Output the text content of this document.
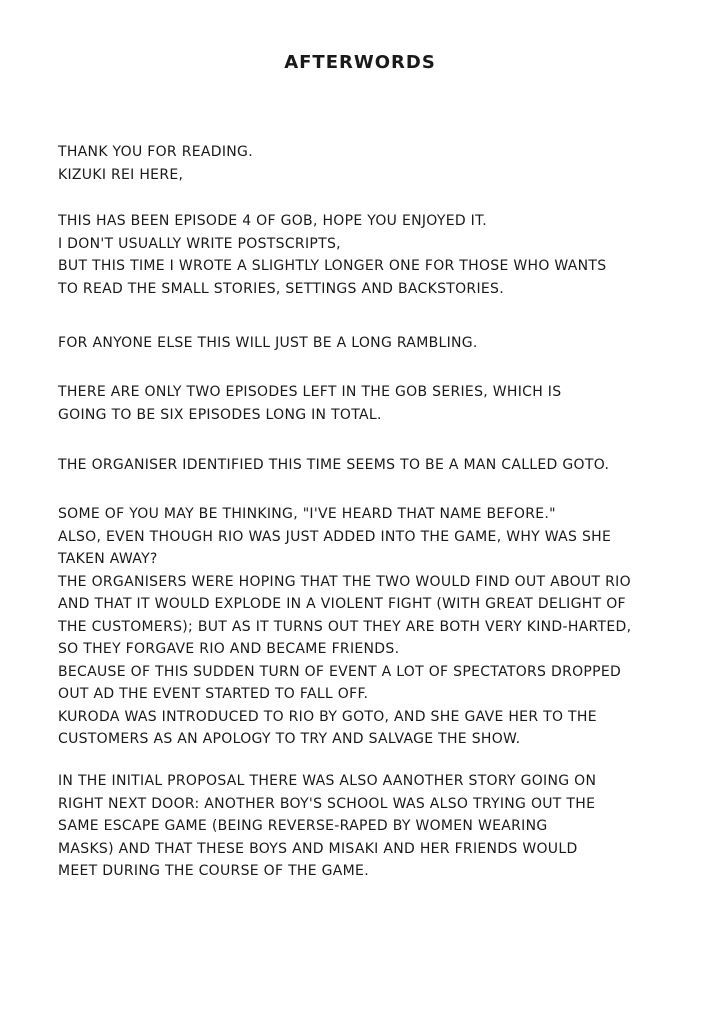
AFTERWORDS
THANK YOU FOR READING.
KIZUKI REI HERE,
THIS HAS BEEN EPISODE 4 OF GOB, HOPE YOU ENJOYED IT.
I DON'T USUALLY WRITE POSTSCRIPTS,
BUT THIS TIME I WROTE A SLIGHTLY LONGER ONE FOR THOSE WHO WANTS
TO READ THE SMALL STORIES, SETTINGS AND BACKSTORIES.
FOR ANYONE ELSE THIS WILL JUST BE A LONG RAMBLING.
THERE ARE ONLY TWO EPISODES LEFT IN THE GOB SERIES, WHICH IS
GOING TO BE SIX EPISODES LONG IN TOTAL.
THE ORGANISER IDENTIFIED THIS TIME SEEMS TO BE A MAN CALLED GOTO.
SOME OF YOU MAY BE THINKING, "I'VE HEARD THAT NAME BEFORE."
ALSO, EVEN THOUGH RIO WAS JUST ADDED INTO THE GAME, WHY WAS SHE
TAKEN AWAY?
THE ORGANISERS WERE HOPING THAT THE TWO WOULD FIND OUT ABOUT RIO
AND THAT IT WOULD EXPLODE IN A VIOLENT FIGHT (WITH GREAT DELIGHT OF
THE CUSTOMERS); BUT AS IT TURNS OUT THEY ARE BOTH VERY KIND-HARTED,
SO THEY FORGAVE RIO AND BECAME FRIENDS.
BECAUSE OF THIS SUDDEN TURN OF EVENT A LOT OF SPECTATORS DROPPED
OUT AD THE EVENT STARTED TO FALL OFF.
KURODA WAS INTRODUCED TO RIO BY GOTO, AND SHE GAVE HER TO THE
CUSTOMERS AS AN APOLOGY TO TRY AND SALVAGE THE SHOW.
IN THE INITIAL PROPOSAL THERE WAS ALSO AANOTHER STORY GOING ON
RIGHT NEXT DOOR: ANOTHER BOY'S SCHOOL WAS ALSO TRYING OUT THE
SAME ESCAPE GAME (BEING REVERSE-RAPED BY WOMEN WEARING
MASKS) AND THAT THESE BOYS AND MISAKI AND HER FRIENDS WOULD
MEET DURING THE COURSE OF THE GAME.
